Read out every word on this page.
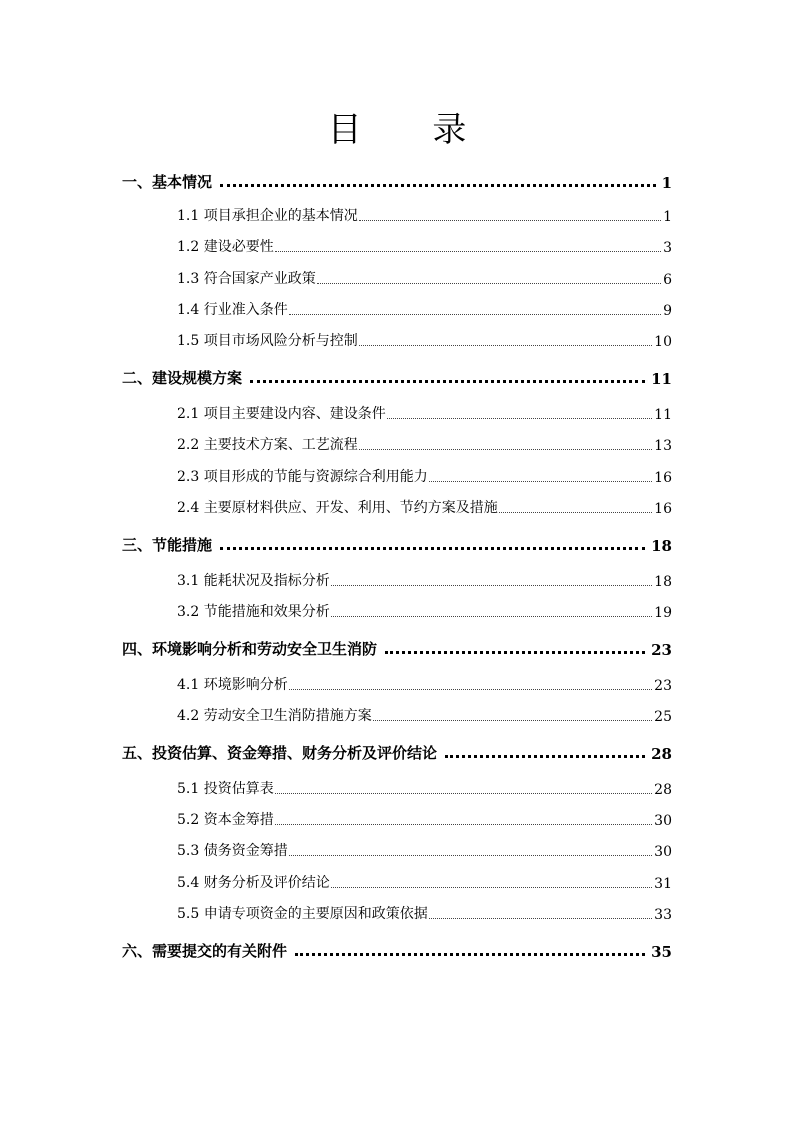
目 录
一、基本情况	1
1.1 项目承担企业的基本情况	1
1.2 建设必要性	3
1.3 符合国家产业政策	6
1.4 行业准入条件	9
1.5 项目市场风险分析与控制	10
二、建设规模方案	11
2.1 项目主要建设内容、建设条件	11
2.2 主要技术方案、工艺流程	13
2.3 项目形成的节能与资源综合利用能力	16
2.4 主要原材料供应、开发、利用、节约方案及措施	16
三、节能措施	18
3.1 能耗状况及指标分析	18
3.2 节能措施和效果分析	19
四、环境影响分析和劳动安全卫生消防	23
4.1 环境影响分析	23
4.2 劳动安全卫生消防措施方案	25
五、投资估算、资金筹措、财务分析及评价结论	28
5.1 投资估算表	28
5.2 资本金筹措	30
5.3 债务资金筹措	30
5.4 财务分析及评价结论	31
5.5 申请专项资金的主要原因和政策依据	33
六、需要提交的有关附件	35
